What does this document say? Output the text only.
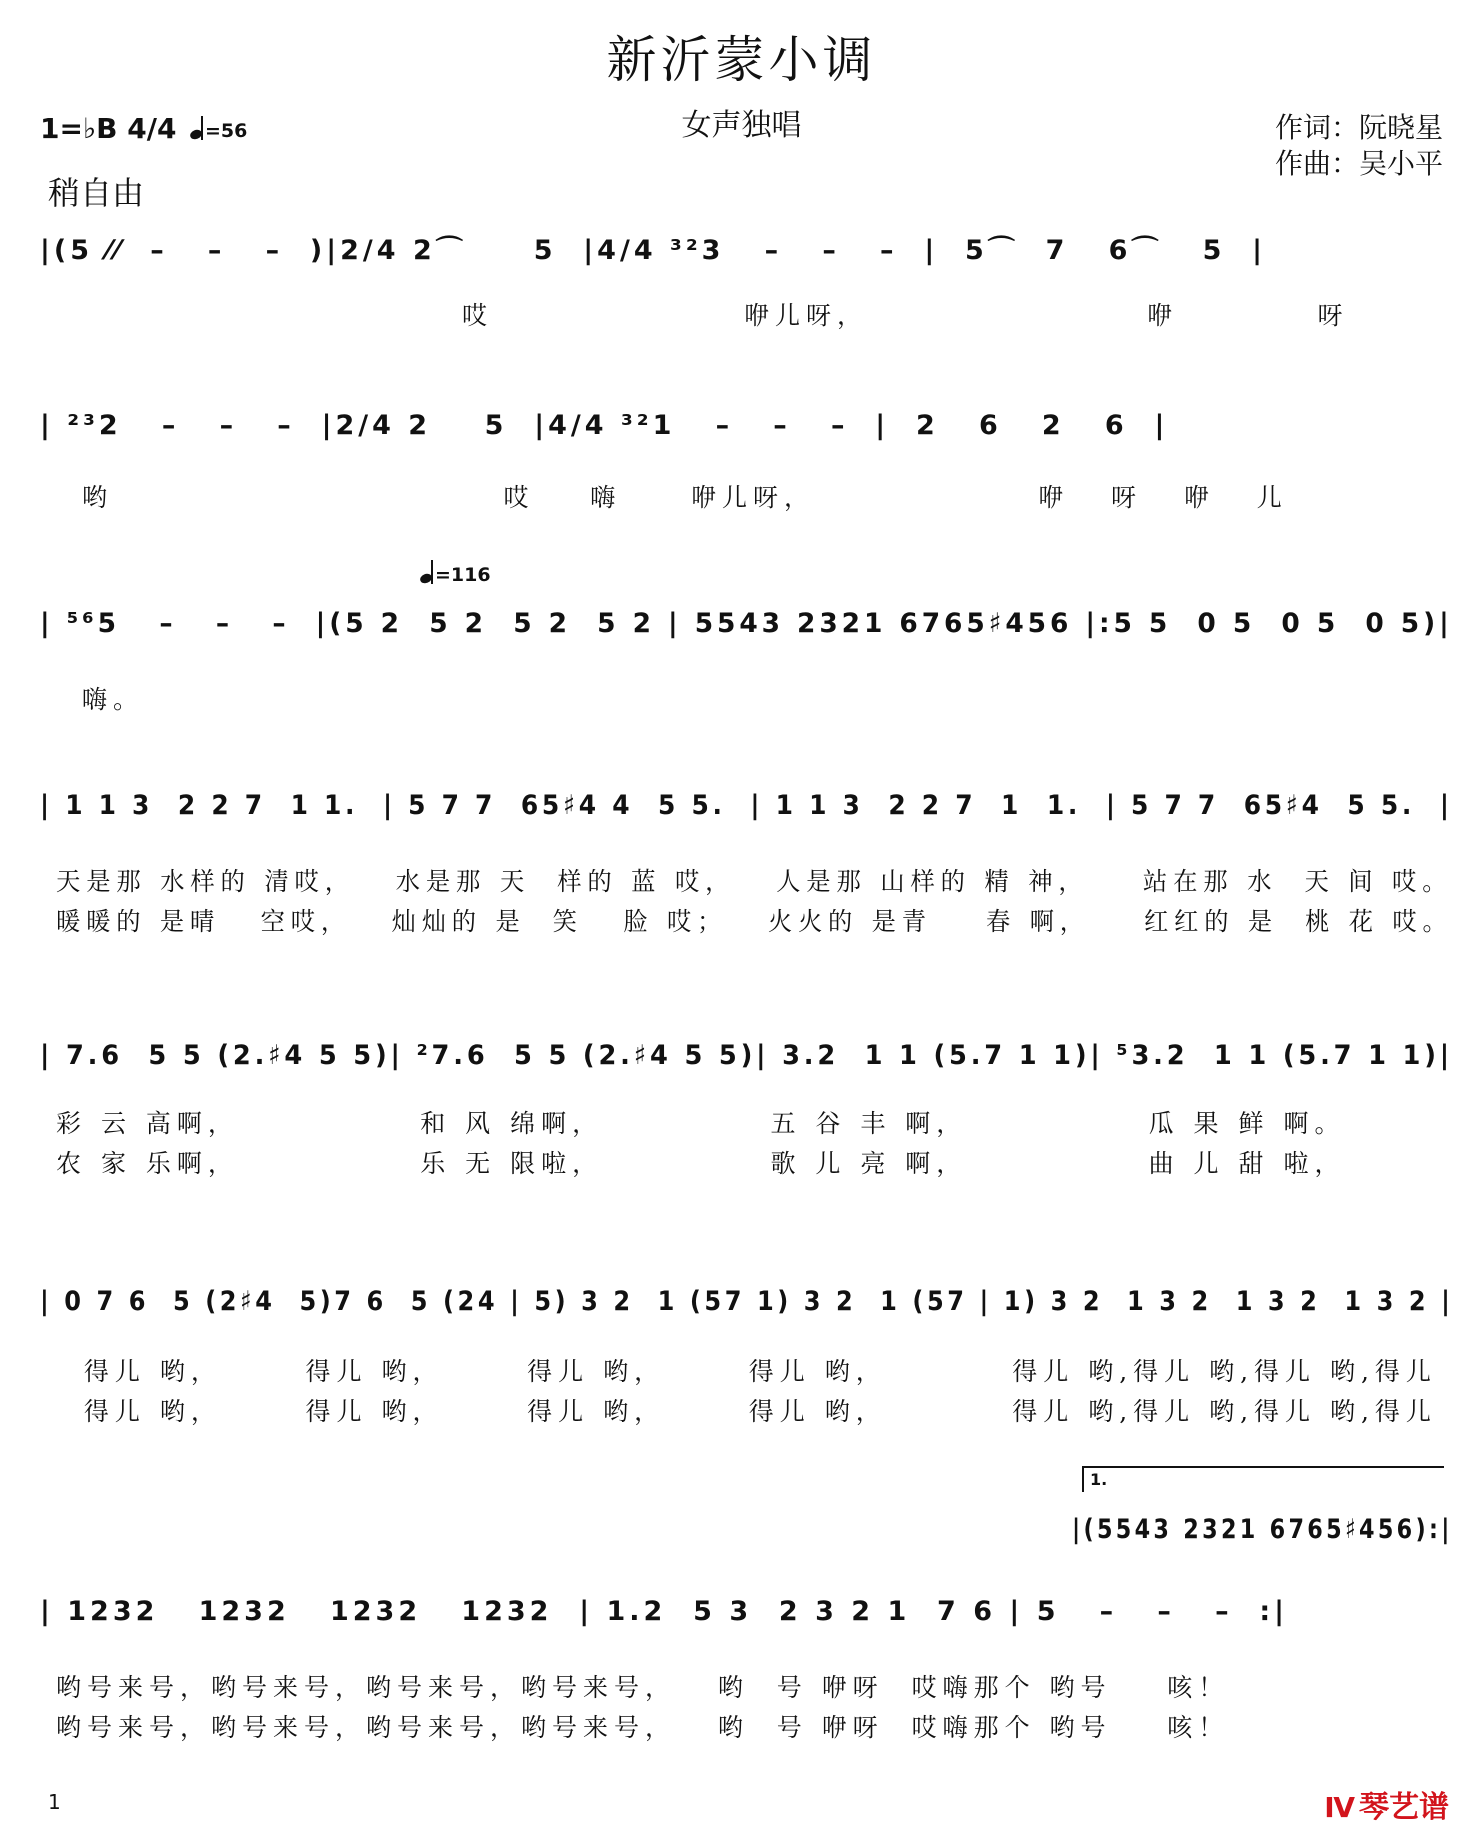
新沂蒙小调
女声独唱	作词：阮晓星
作曲：吴小平
1=♭B 4/4	=56
稍自由
|(5 ⁄⁄  –   –   –  )|2/4 2⌒     5  |4/4 ³²3   –   –   –  |  5⌒  7   6⌒   5  |
哎                  咿儿呀，                    咿          呀
| ²³2   –   –   –  |2/4 2    5  |4/4 ³²1   –   –   –  |  2   6   2   6  |
哟                            哎    嗨     咿儿呀，                咿   呀   咿   儿
=116
| ⁵⁶5   –   –   –  |(5 2  5 2  5 2  5 2 | 5543 2321 6765♯456 |:5 5  0 5  0 5  0 5)|
嗨。
| 1 1 3  2 2 7  1 1.  | 5 7 7  65♯4 4  5 5.  | 1 1 3  2 2 7  1  1.  | 5 7 7  65♯4  5 5.  |
天是那 水样的 清哎，   水是那 天  样的 蓝 哎，   人是那 山样的 精 神，    站在那 水  天 间 哎。
暖暖的 是晴   空哎，   灿灿的 是  笑   脸 哎；   火火的 是青    春 啊，    红红的 是  桃 花 哎。
| 7.6  5 5 (2.♯4 5 5)| ²7.6  5 5 (2.♯4 5 5)| 3.2  1 1 (5.7 1 1)| ⁵3.2  1 1 (5.7 1 1)|
彩 云 高啊，             和 风 绵啊，            五 谷 丰 啊，             瓜 果 鲜 啊。
农 家 乐啊，             乐 无 限啦，            歌 儿 亮 啊，             曲 儿 甜 啦，
| 0 7 6  5 (2♯4  5)7 6  5 (24 | 5) 3 2  1 (57 1) 3 2  1 (57 | 1) 3 2  1 3 2  1 3 2  1 3 2 |
得儿 哟，      得儿 哟，      得儿 哟，      得儿 哟，         得儿 哟,得儿 哟,得儿 哟,得儿
得儿 哟，      得儿 哟，      得儿 哟，      得儿 哟，         得儿 哟,得儿 哟,得儿 哟,得儿
1.
|(5543 2321 6765♯456):|
| 1232   1232   1232   1232  | 1.2  5 3  2 3 2 1  7 6 | 5   –   –   –  :|
哟号来号，哟号来号，哟号来号，哟号来号，   哟  号 咿呀  哎嗨那个 哟号    咳！
哟号来号，哟号来号，哟号来号，哟号来号，   哟  号 咿呀  哎嗨那个 哟号    咳！
1	Ⅳ 琴艺谱
